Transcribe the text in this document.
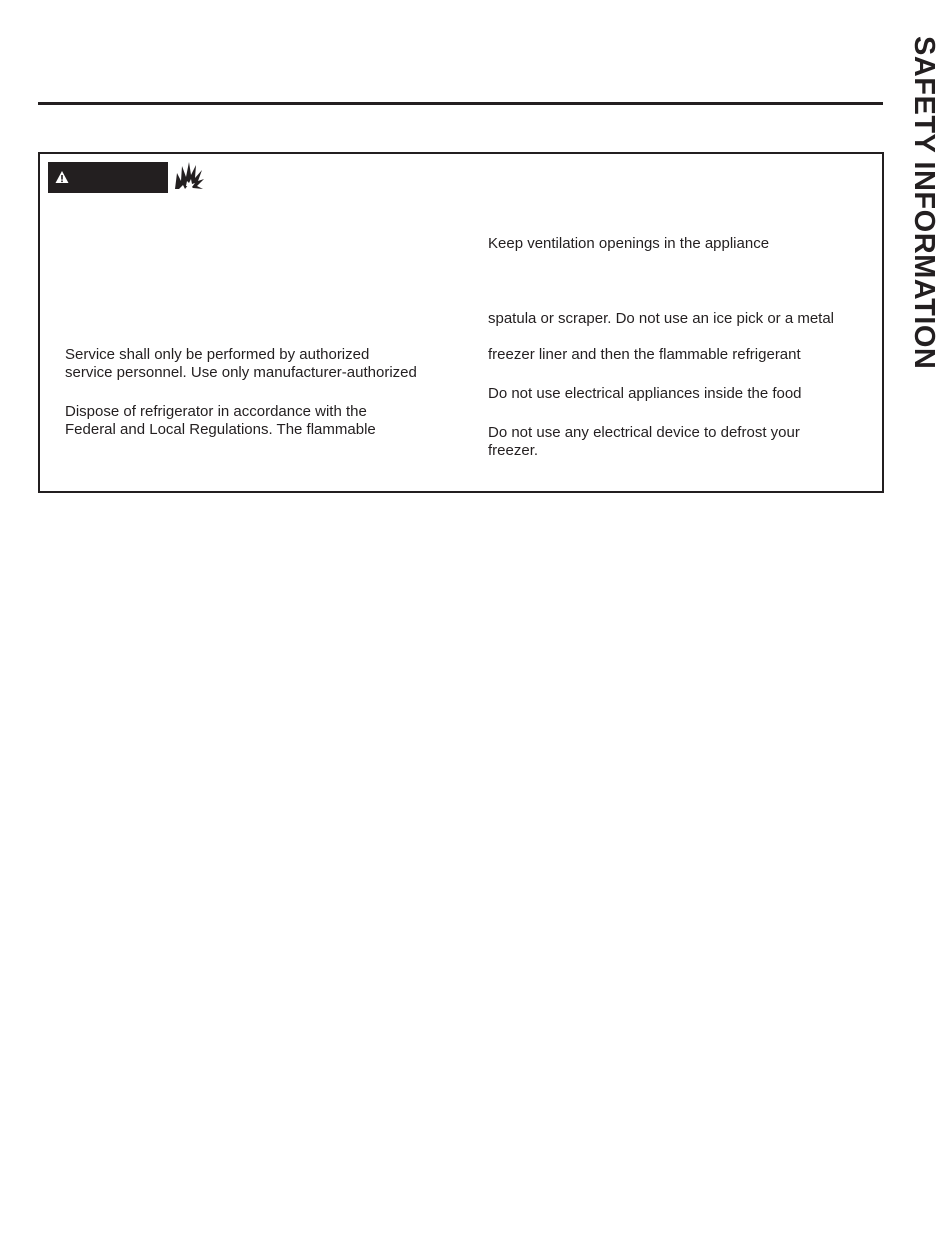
SAFETY INFORMATION

Service shall only be performed by authorized
service personnel. Use only manufacturer-authorized

Dispose of refrigerator in accordance with the
Federal and Local Regulations. The flammable

Keep ventilation openings in the appliance

spatula or scraper. Do not use an ice pick or a metal

freezer liner and then the flammable refrigerant

Do not use electrical appliances inside the food

Do not use any electrical device to defrost your
freezer.
